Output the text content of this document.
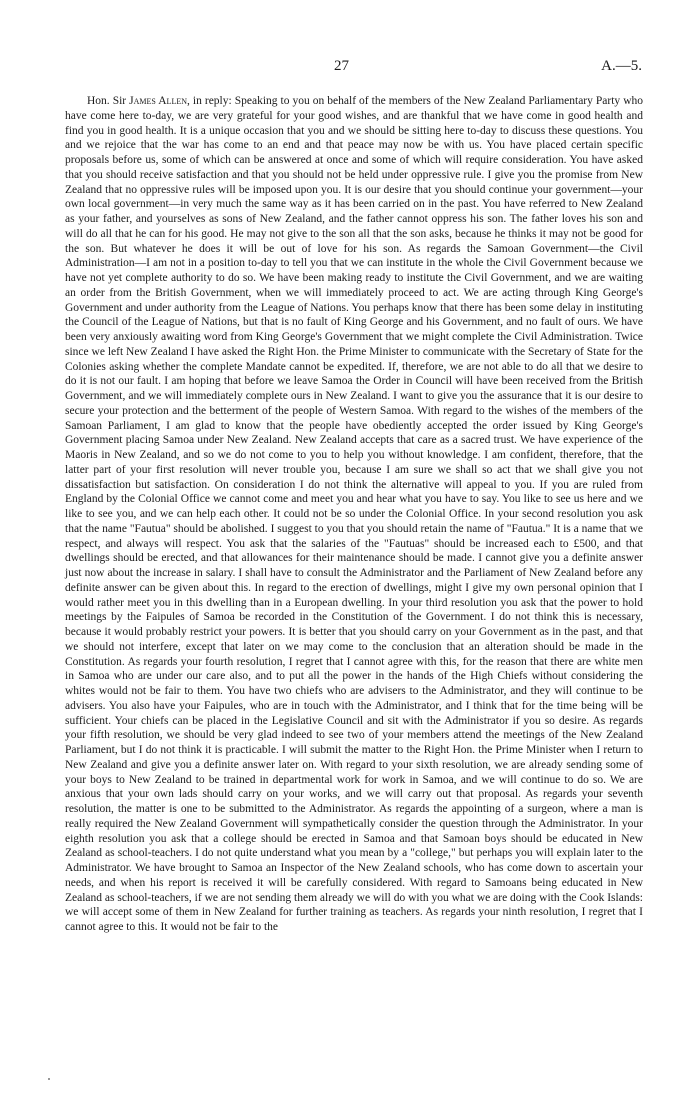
27	A.—5.

Hon. Sir James Allen, in reply: Speaking to you on behalf of the members of the New Zealand Parliamentary Party who have come here to-day, we are very grateful for your good wishes, and are thankful that we have come in good health and find you in good health. It is a unique occasion that you and we should be sitting here to-day to discuss these questions. You and we rejoice that the war has come to an end and that peace may now be with us. You have placed certain specific proposals before us, some of which can be answered at once and some of which will require consideration. You have asked that you should receive satisfaction and that you should not be held under oppressive rule. I give you the promise from New Zealand that no oppressive rules will be imposed upon you. It is our desire that you should continue your government—your own local government—in very much the same way as it has been carried on in the past. You have referred to New Zealand as your father, and yourselves as sons of New Zealand, and the father cannot oppress his son. The father loves his son and will do all that he can for his good. He may not give to the son all that the son asks, because he thinks it may not be good for the son. But whatever he does it will be out of love for his son. As regards the Samoan Government—the Civil Administration—I am not in a position to-day to tell you that we can institute in the whole the Civil Government because we have not yet complete authority to do so. We have been making ready to institute the Civil Government, and we are waiting an order from the British Government, when we will immediately proceed to act. We are acting through King George's Government and under authority from the League of Nations. You perhaps know that there has been some delay in instituting the Council of the League of Nations, but that is no fault of King George and his Government, and no fault of ours. We have been very anxiously awaiting word from King George's Government that we might complete the Civil Administration. Twice since we left New Zealand I have asked the Right Hon. the Prime Minister to communicate with the Secretary of State for the Colonies asking whether the complete Mandate cannot be expedited. If, therefore, we are not able to do all that we desire to do it is not our fault. I am hoping that before we leave Samoa the Order in Council will have been received from the British Government, and we will immediately complete ours in New Zealand. I want to give you the assurance that it is our desire to secure your protection and the betterment of the people of Western Samoa. With regard to the wishes of the members of the Samoan Parliament, I am glad to know that the people have obediently accepted the order issued by King George's Government placing Samoa under New Zealand. New Zealand accepts that care as a sacred trust. We have experience of the Maoris in New Zealand, and so we do not come to you to help you without knowledge. I am confident, therefore, that the latter part of your first resolution will never trouble you, because I am sure we shall so act that we shall give you not dissatisfaction but satisfaction. On consideration I do not think the alternative will appeal to you. If you are ruled from England by the Colonial Office we cannot come and meet you and hear what you have to say. You like to see us here and we like to see you, and we can help each other. It could not be so under the Colonial Office. In your second resolution you ask that the name "Fautua" should be abolished. I suggest to you that you should retain the name of "Fautua." It is a name that we respect, and always will respect. You ask that the salaries of the "Fautuas" should be increased each to £500, and that dwellings should be erected, and that allowances for their maintenance should be made. I cannot give you a definite answer just now about the increase in salary. I shall have to consult the Administrator and the Parliament of New Zealand before any definite answer can be given about this. In regard to the erection of dwellings, might I give my own personal opinion that I would rather meet you in this dwelling than in a European dwelling. In your third resolution you ask that the power to hold meetings by the Faipules of Samoa be recorded in the Constitution of the Government. I do not think this is necessary, because it would probably restrict your powers. It is better that you should carry on your Government as in the past, and that we should not interfere, except that later on we may come to the conclusion that an alteration should be made in the Constitution. As regards your fourth resolution, I regret that I cannot agree with this, for the reason that there are white men in Samoa who are under our care also, and to put all the power in the hands of the High Chiefs without considering the whites would not be fair to them. You have two chiefs who are advisers to the Administrator, and they will continue to be advisers. You also have your Faipules, who are in touch with the Administrator, and I think that for the time being will be sufficient. Your chiefs can be placed in the Legislative Council and sit with the Administrator if you so desire. As regards your fifth resolution, we should be very glad indeed to see two of your members attend the meetings of the New Zealand Parliament, but I do not think it is practicable. I will submit the matter to the Right Hon. the Prime Minister when I return to New Zealand and give you a definite answer later on. With regard to your sixth resolution, we are already sending some of your boys to New Zealand to be trained in departmental work for work in Samoa, and we will continue to do so. We are anxious that your own lads should carry on your works, and we will carry out that proposal. As regards your seventh resolution, the matter is one to be submitted to the Administrator. As regards the appointing of a surgeon, where a man is really required the New Zealand Government will sympathetically consider the question through the Administrator. In your eighth resolution you ask that a college should be erected in Samoa and that Samoan boys should be educated in New Zealand as school-teachers. I do not quite understand what you mean by a "college," but perhaps you will explain later to the Administrator. We have brought to Samoa an Inspector of the New Zealand schools, who has come down to ascertain your needs, and when his report is received it will be carefully considered. With regard to Samoans being educated in New Zealand as school-teachers, if we are not sending them already we will do with you what we are doing with the Cook Islands: we will accept some of them in New Zealand for further training as teachers. As regards your ninth resolution, I regret that I cannot agree to this. It would not be fair to the
